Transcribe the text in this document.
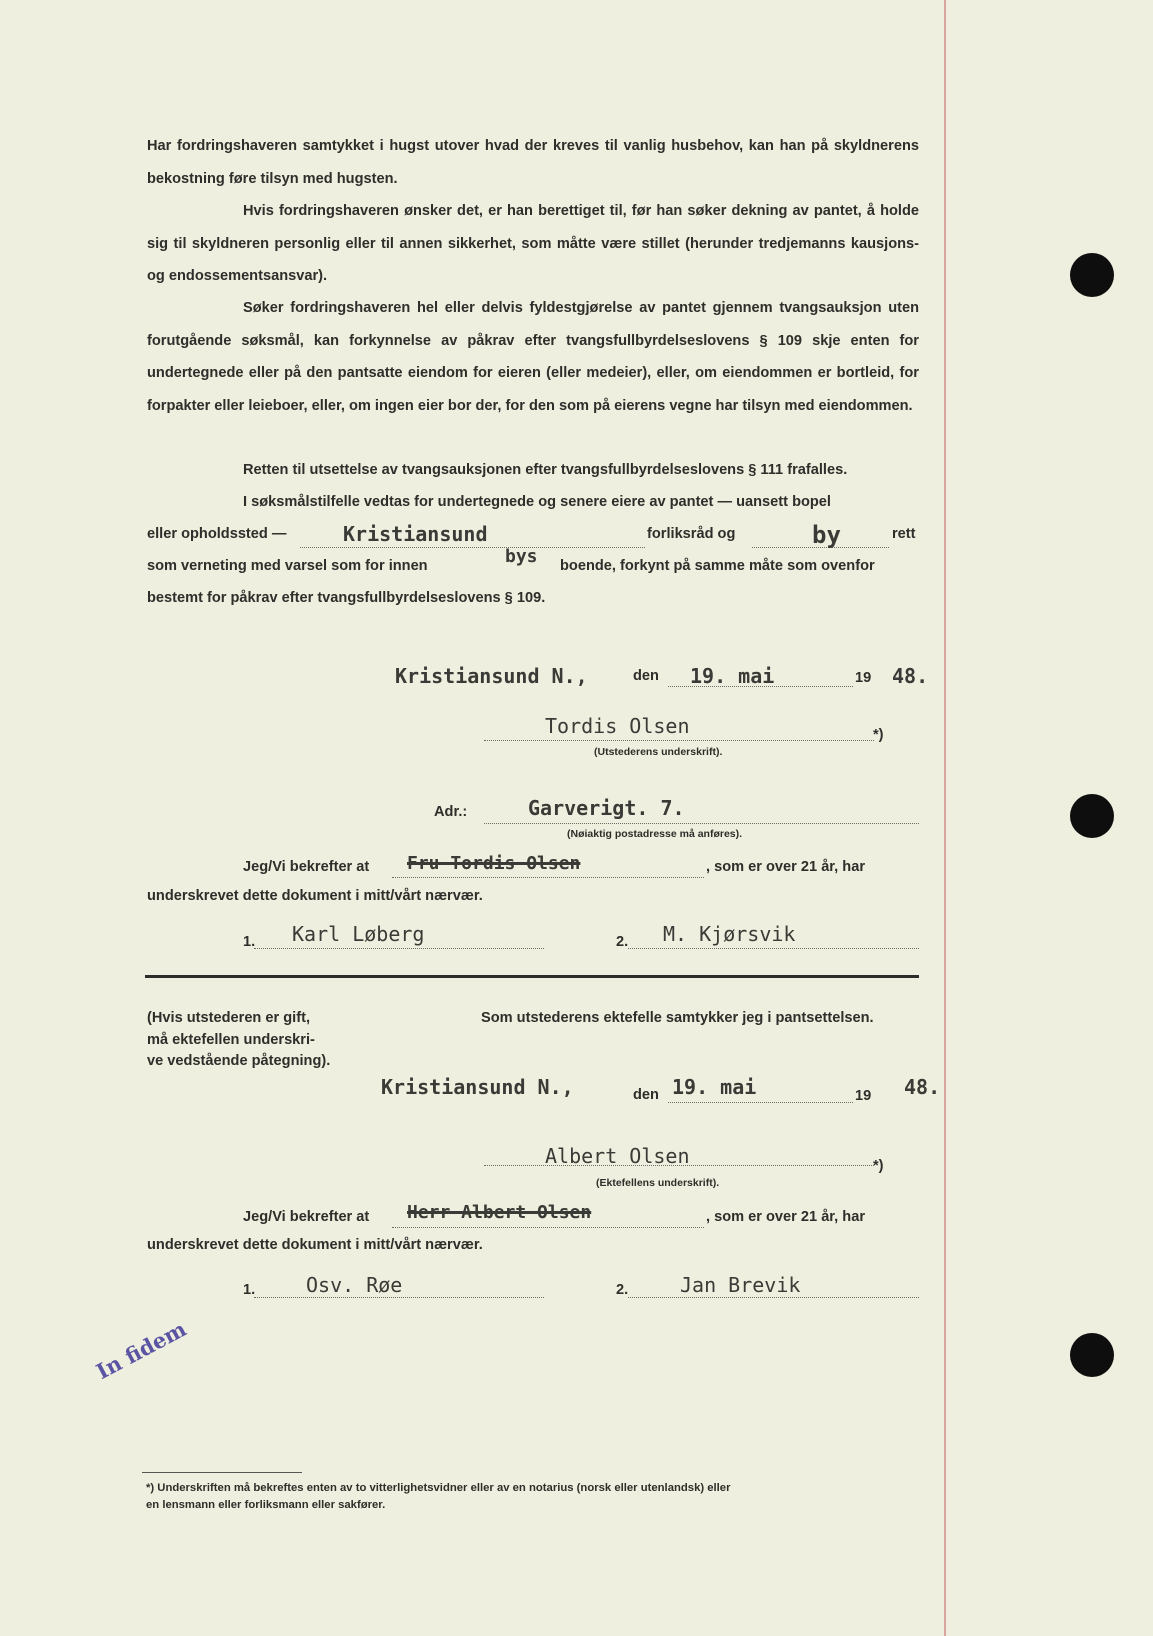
Har fordringshaveren samtykket i hugst utover hvad der kreves til vanlig husbehov, kan han på skyldnerens bekostning føre tilsyn med hugsten.
Hvis fordringshaveren ønsker det, er han berettiget til, før han søker dekning av pantet, å holde sig til skyldneren personlig eller til annen sikkerhet, som måtte være stillet (herunder tredjemanns kausjons- og endossementsansvar).
Søker fordringshaveren hel eller delvis fyldestgjørelse av pantet gjennem tvangsauksjon uten forutgående søksmål, kan forkynnelse av påkrav efter tvangsfullbyrdelseslovens § 109 skje enten for undertegnede eller på den pantsatte eiendom for eieren (eller medeier), eller, om eiendommen er bortleid, for forpakter eller leieboer, eller, om ingen eier bor der, for den som på eierens vegne har tilsyn med eiendommen.
Retten til utsettelse av tvangsauksjonen efter tvangsfullbyrdelseslovens § 111 frafalles.
I søksmålstilfelle vedtas for undertegnede og senere eiere av pantet — uansett bopel
eller opholdssted —	Kristiansund	forliksråd og	by	rett
som verneting med varsel som for innen	bys boende, forkynt på samme måte som ovenfor
bestemt for påkrav efter tvangsfullbyrdelseslovens § 109.
Kristiansund N.,	den 19. mai	19 48.
Tordis Olsen	*)
(Utstederens underskrift).
Adr.:	Garverigt. 7.
(Nøiaktig postadresse må anføres).
Jeg/Vi bekrefter at Fru Tordis Olsen	, som er over 21 år, har
underskrevet dette dokument i mitt/vårt nærvær.
1. Karl Løberg	2. M. Kjørsvik
(Hvis utstederen er gift,
må ektefellen underskri-
ve vedstående påtegning).
Som utstederens ektefelle samtykker jeg i pantsettelsen.
Kristiansund N.,	den 19. mai	19 48.
Albert Olsen	*)
(Ektefellens underskrift).
Jeg/Vi bekrefter at Herr Albert Olsen	, som er over 21 år, har
underskrevet dette dokument i mitt/vårt nærvær.
1.	Osv. Røe	2.	Jan Brevik
In fidem
*) Underskriften må bekreftes enten av to vitterlighetsvidner eller av en notarius (norsk eller utenlandsk) eller
en lensmann eller forliksmann eller sakfører.
